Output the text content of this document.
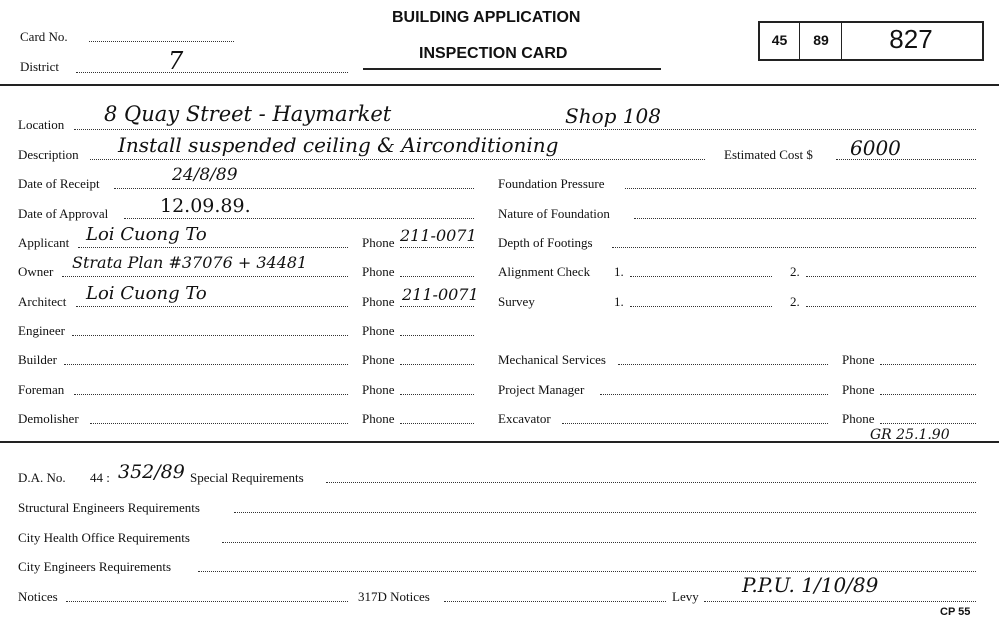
Card No.
District	7
BUILDING APPLICATION
INSPECTION CARD
45	89	827
Location 8 Quay Street - Haymarket	Shop 108
Description Install suspended ceiling & Airconditioning	Estimated Cost $ 6000
Date of Receipt	24/8/89	Foundation Pressure
Date of Approval	12.09.89.	Nature of Foundation
Applicant Loi Cuong To	Phone 211-0071 Depth of Footings
Owner Strata Plan #37076 + 34481	Phone	Alignment Check 1.	2.
Architect Loi Cuong To	Phone 211-0071 Survey	1.	2.
Engineer	Phone
Builder	Phone	Mechanical Services	Phone
Foreman	Phone	Project Manager	Phone
Demolisher	Phone	Excavator	Phone
GR 25.1.90
D.A. No. 44 : 352/89 Special Requirements
Structural Engineers Requirements
City Health Office Requirements
City Engineers Requirements
Notices	317D Notices	Levy P.P.U. 1/10/89
CP 55
